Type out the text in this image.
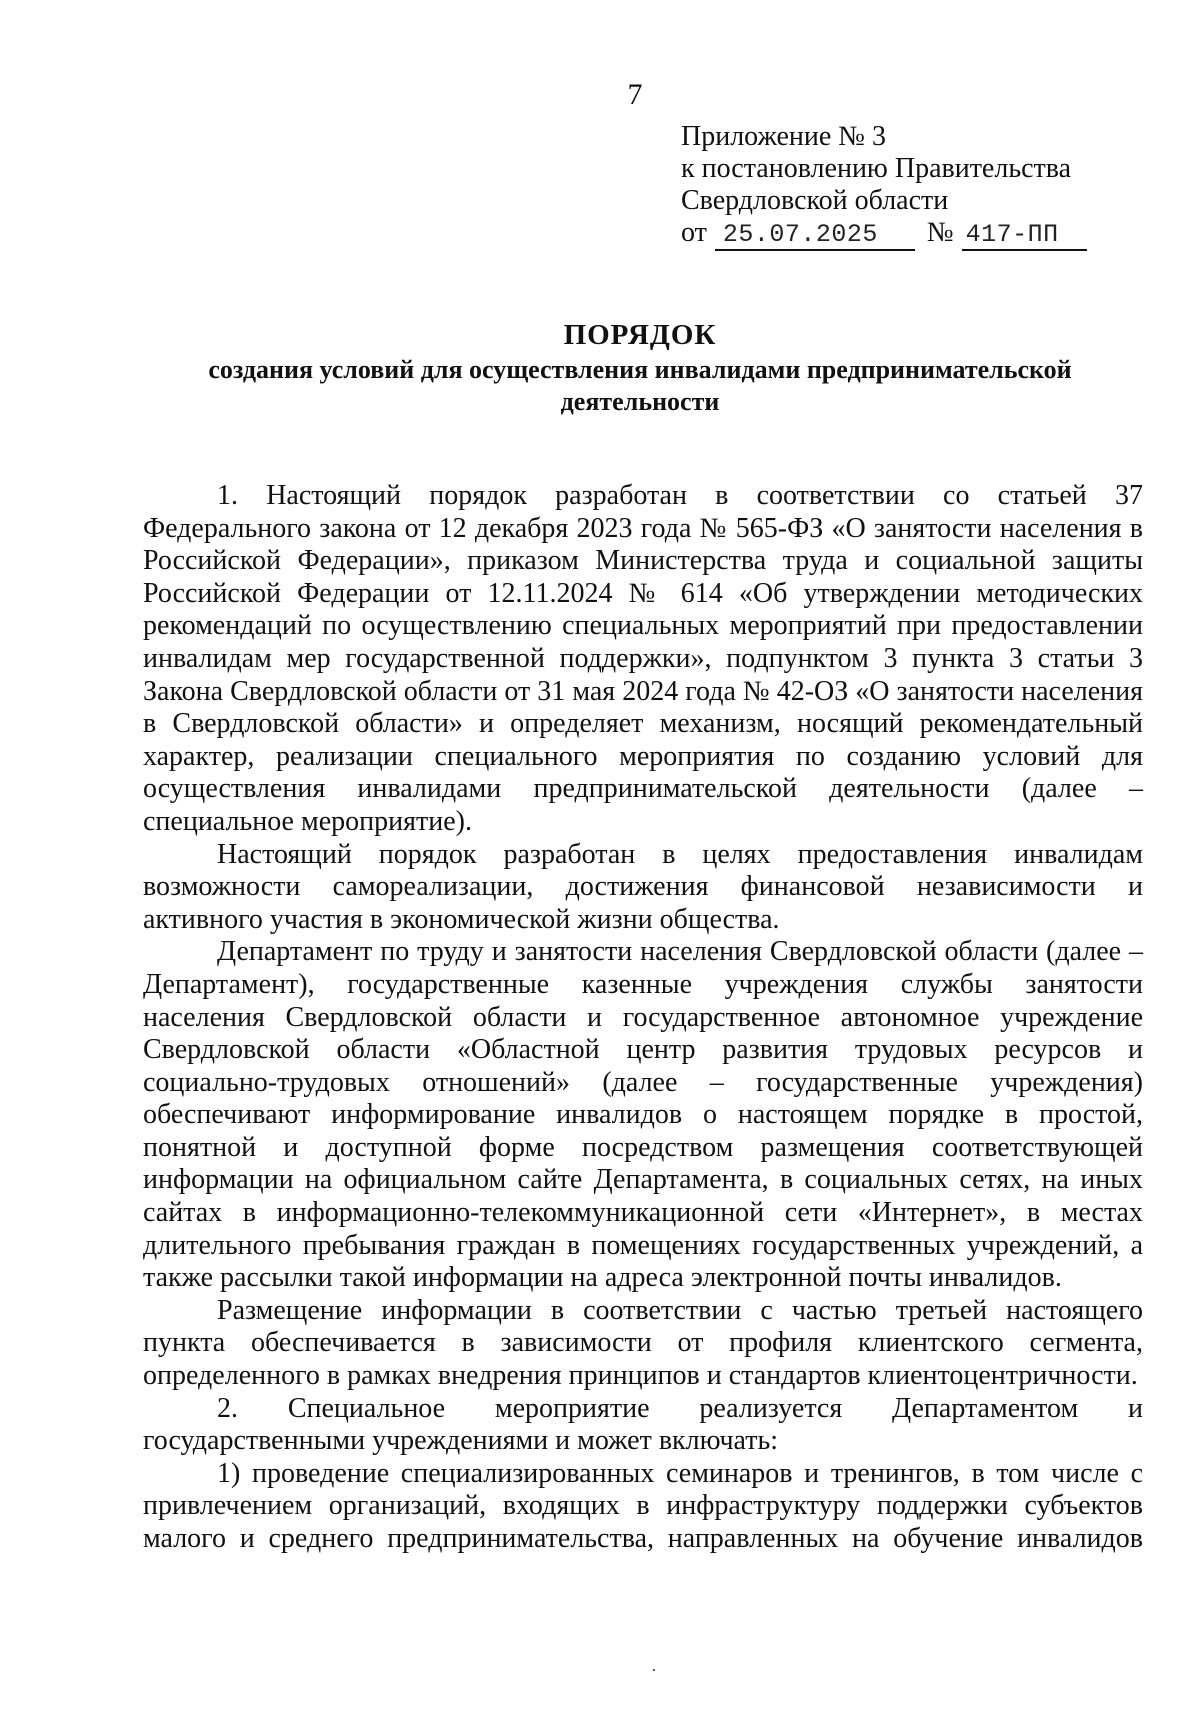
7
Приложение № 3
к постановлению Правительства
Свердловской области
от 25.07.2025	№ 417-ПП
ПОРЯДОК
создания условий для осуществления инвалидами предпринимательской деятельности

1. Настоящий порядок разработан в соответствии со статьей 37 Федерального закона от 12 декабря 2023 года № 565-ФЗ «О занятости населения в Российской Федерации», приказом Министерства труда и социальной защиты Российской Федерации от 12.11.2024 № 614 «Об утверждении методических рекомендаций по осуществлению специальных мероприятий при предоставлении инвалидам мер государственной поддержки», подпунктом 3 пункта 3 статьи 3 Закона Свердловской области от 31 мая 2024 года № 42-ОЗ «О занятости населения в Свердловской области» и определяет механизм, носящий рекомендательный характер, реализации специального мероприятия по созданию условий для осуществления инвалидами предпринимательской деятельности (далее – специальное мероприятие).

Настоящий порядок разработан в целях предоставления инвалидам возможности самореализации, достижения финансовой независимости и активного участия в экономической жизни общества.

Департамент по труду и занятости населения Свердловской области (далее – Департамент), государственные казенные учреждения службы занятости населения Свердловской области и государственное автономное учреждение Свердловской области «Областной центр развития трудовых ресурсов и социально-трудовых отношений» (далее – государственные учреждения) обеспечивают информирование инвалидов о настоящем порядке в простой, понятной и доступной форме посредством размещения соответствующей информации на официальном сайте Департамента, в социальных сетях, на иных сайтах в информационно-телекоммуникационной сети «Интернет», в местах длительного пребывания граждан в помещениях государственных учреждений, а также рассылки такой информации на адреса электронной почты инвалидов.

Размещение информации в соответствии с частью третьей настоящего пункта обеспечивается в зависимости от профиля клиентского сегмента, определенного в рамках внедрения принципов и стандартов клиентоцентричности.

2. Специальное мероприятие реализуется Департаментом и государственными учреждениями и может включать:

1) проведение специализированных семинаров и тренингов, в том числе с привлечением организаций, входящих в инфраструктуру поддержки субъектов малого и среднего предпринимательства, направленных на обучение инвалидов
